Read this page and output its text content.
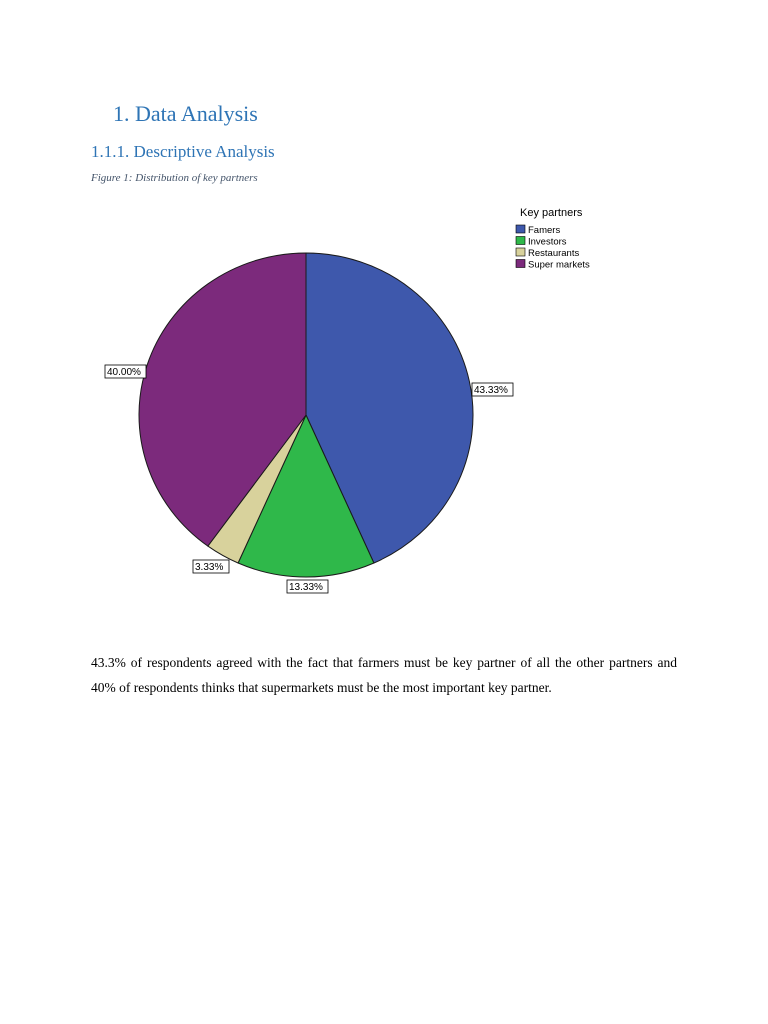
1. Data Analysis
1.1.1. Descriptive Analysis
Figure 1: Distribution of key partners
43.33%
13.33%
3.33%
40.00%
Key partners
Famers
Investors
Restaurants
Super markets

43.3% of respondents agreed with the fact that farmers must be key partner of all the other partners and 40% of respondents thinks that supermarkets must be the most important key partner.
